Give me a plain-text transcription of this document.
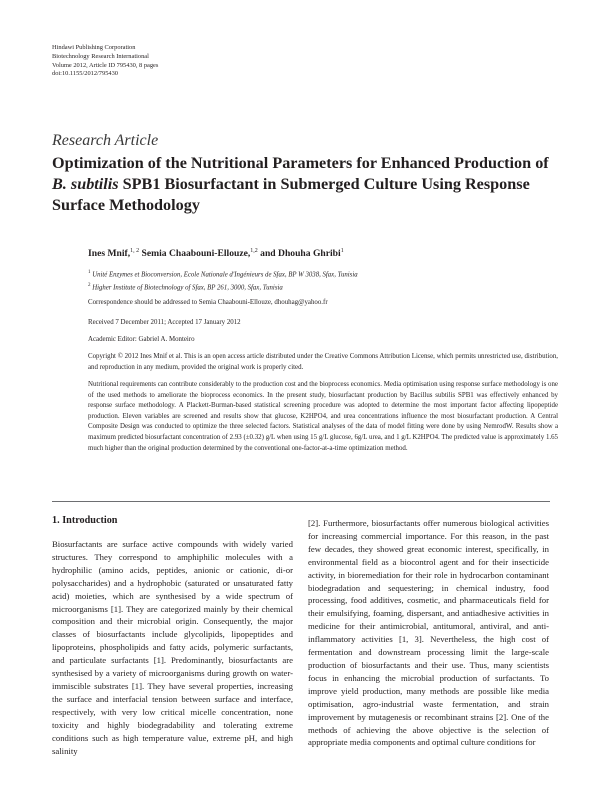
Hindawi Publishing Corporation
Biotechnology Research International
Volume 2012, Article ID 795430, 8 pages
doi:10.1155/2012/795430
Research Article
Optimization of the Nutritional Parameters for Enhanced Production of B. subtilis SPB1 Biosurfactant in Submerged Culture Using Response Surface Methodology
Ines Mnif,$^{1, 2}$ Semia Chaabouni-Ellouze,$^{1,2}$ and Dhouha Ghribi$^1$
$^1$ Unité Enzymes et Bioconversion, Ecole Nationale d'Ingénieurs de Sfax, BP W 3038, Sfax, Tunisia
$^2$ Higher Institute of Biotechnology of Sfax, BP 261, 3000, Sfax, Tunisia
Correspondence should be addressed to Semia Chaabouni-Ellouze, dhouhag@yahoo.fr
Received 7 December 2011; Accepted 17 January 2012
Academic Editor: Gabriel A. Monteiro
Copyright © 2012 Ines Mnif et al. This is an open access article distributed under the Creative Commons Attribution License, which permits unrestricted use, distribution, and reproduction in any medium, provided the original work is properly cited.
Nutritional requirements can contribute considerably to the production cost and the bioprocess economics. Media optimisation using response surface methodology is one of the used methods to ameliorate the bioprocess economics. In the present study, biosurfactant production by Bacillus subtilis SPB1 was effectively enhanced by response surface methodology. A Plackett-Burman-based statistical screening procedure was adopted to determine the most important factor affecting lipopeptide production. Eleven variables are screened and results show that glucose, K2HPO4, and urea concentrations influence the most biosurfactant production. A Central Composite Design was conducted to optimize the three selected factors. Statistical analyses of the data of model fitting were done by using NemrodW. Results show a maximum predicted biosurfactant concentration of 2.93 (±0.32) g/L when using 15 g/L glucose, 6g/L urea, and 1 g/L K2HPO4. The predicted value is approximately 1.65 much higher than the original production determined by the conventional one-factor-at-a-time optimization method.
1. Introduction

Biosurfactants are surface active compounds with widely varied structures. They correspond to amphiphilic molecules with a hydrophilic (amino acids, peptides, anionic or cationic, di-or polysaccharides) and a hydrophobic (saturated or unsaturated fatty acid) moieties, which are synthesised by a wide spectrum of microorganisms [1]. They are categorized mainly by their chemical composition and their microbial origin. Consequently, the major classes of biosurfactants include glycolipids, lipopeptides and lipoproteins, phospholipids and fatty acids, polymeric surfactants, and particulate surfactants [1]. Predominantly, biosurfactants are synthesised by a variety of microorganisms during growth on water-immiscible substrates [1]. They have several properties, increasing the surface and interfacial tension between surface and interface, respectively, with very low critical micelle concentration, none toxicity and highly biodegradability and tolerating extreme conditions such as high temperature value, extreme pH, and high salinity

[2]. Furthermore, biosurfactants offer numerous biological activities for increasing commercial importance. For this reason, in the past few decades, they showed great economic interest, specifically, in environmental field as a biocontrol agent and for their insecticide activity, in bioremediation for their role in hydrocarbon contaminant biodegradation and sequestering; in chemical industry, food processing, food additives, cosmetic, and pharmaceuticals field for their emulsifying, foaming, dispersant, and antiadhesive activities in medicine for their antimicrobial, antitumoral, antiviral, and anti-inflammatory activities [1, 3]. Nevertheless, the high cost of fermentation and downstream processing limit the large-scale production of biosurfactants and their use. Thus, many scientists focus in enhancing the microbial production of surfactants. To improve yield production, many methods are possible like media optimisation, agro-industrial waste fermentation, and strain improvement by mutagenesis or recombinant strains [2]. One of the methods of achieving the above objective is the selection of appropriate media components and optimal culture conditions for
